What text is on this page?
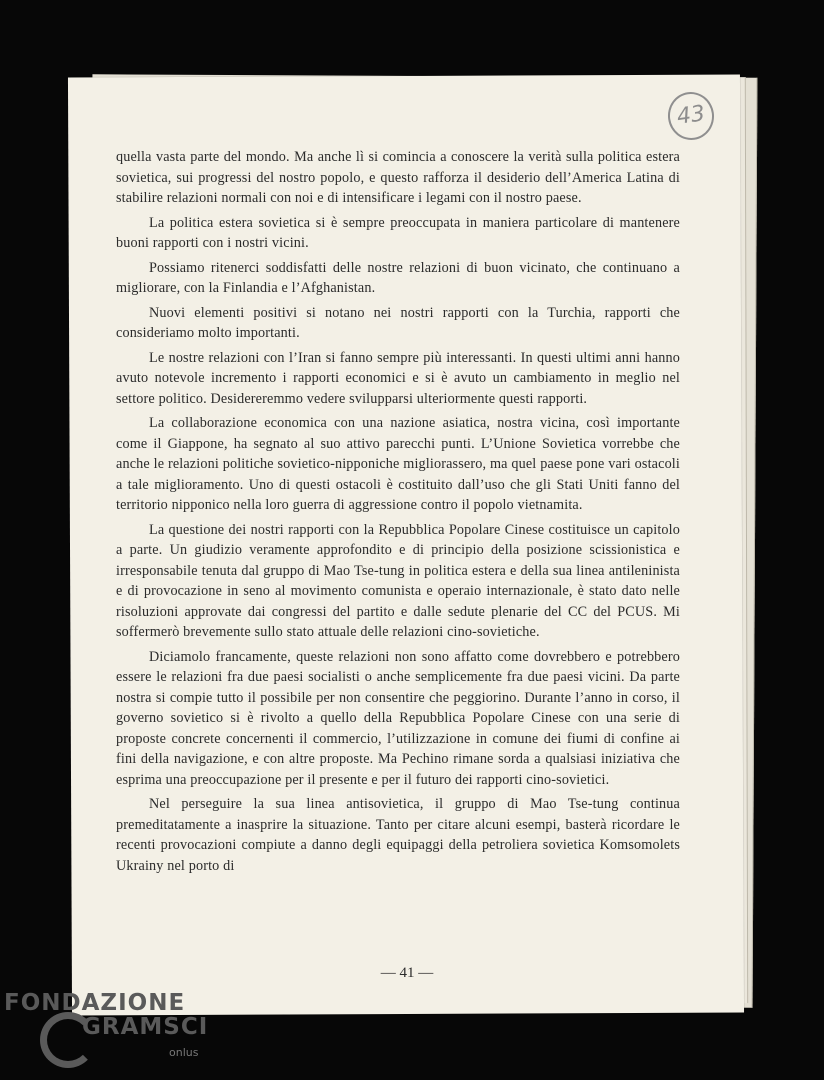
43

quella vasta parte del mondo. Ma anche lì si comincia a conoscere la verità sulla politica estera sovietica, sui progressi del nostro popolo, e questo rafforza il desiderio dell’America Latina di stabilire relazioni normali con noi e di intensificare i legami con il nostro paese.

La politica estera sovietica si è sempre preoccupata in maniera particolare di mantenere buoni rapporti con i nostri vicini.

Possiamo ritenerci soddisfatti delle nostre relazioni di buon vicinato, che continuano a migliorare, con la Finlandia e l’Afghanistan.

Nuovi elementi positivi si notano nei nostri rapporti con la Turchia, rapporti che consideriamo molto importanti.

Le nostre relazioni con l’Iran si fanno sempre più interessanti. In questi ultimi anni hanno avuto notevole incremento i rapporti economici e si è avuto un cambiamento in meglio nel settore politico. Desidereremmo vedere svilupparsi ulteriormente questi rapporti.

La collaborazione economica con una nazione asiatica, nostra vicina, così importante come il Giappone, ha segnato al suo attivo parecchi punti. L’Unione Sovietica vorrebbe che anche le relazioni politiche sovietico-nipponiche migliorassero, ma quel paese pone vari ostacoli a tale miglioramento. Uno di questi ostacoli è costituito dall’uso che gli Stati Uniti fanno del territorio nipponico nella loro guerra di aggressione contro il popolo vietnamita.

La questione dei nostri rapporti con la Repubblica Popolare Cinese costituisce un capitolo a parte. Un giudizio veramente approfondito e di principio della posizione scissionistica e irresponsabile tenuta dal gruppo di Mao Tse-tung in politica estera e della sua linea antileninista e di provocazione in seno al movimento comunista e operaio internazionale, è stato dato nelle risoluzioni approvate dai congressi del partito e dalle sedute plenarie del CC del PCUS. Mi soffermerò brevemente sullo stato attuale delle relazioni cino-sovietiche.

Diciamolo francamente, queste relazioni non sono affatto come dovrebbero e potrebbero essere le relazioni fra due paesi socialisti o anche semplicemente fra due paesi vicini. Da parte nostra si compie tutto il possibile per non consentire che peggiorino. Durante l’anno in corso, il governo sovietico si è rivolto a quello della Repubblica Popolare Cinese con una serie di proposte concrete concernenti il commercio, l’utilizzazione in comune dei fiumi di confine ai fini della navigazione, e con altre proposte. Ma Pechino rimane sorda a qualsiasi iniziativa che esprima una preoccupazione per il presente e per il futuro dei rapporti cino-sovietici.

Nel perseguire la sua linea antisovietica, il gruppo di Mao Tse-tung continua premeditatamente a inasprire la situazione. Tanto per citare alcuni esempi, basterà ricordare le recenti provocazioni compiute a danno degli equipaggi della petroliera sovietica Komsomolets Ukrainy nel porto di

— 41 —
FONDAZIONE
GRAMSCI
onlus
